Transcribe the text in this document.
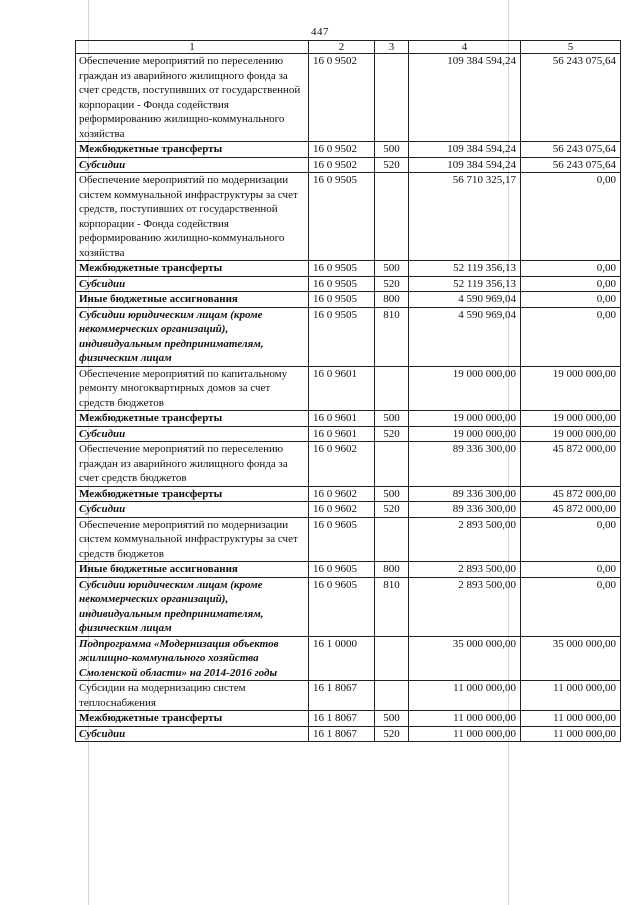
447
1	2	3	4	5
Обеспечение мероприятий по переселению граждан из аварийного жилищного фонда за счет средств, поступивших от государственной корпорации - Фонда содействия реформированию жилищно-коммунального хозяйства	16 0 9502		109 384 594,24	56 243 075,64
Межбюджетные трансферты	16 0 9502	500	109 384 594,24	56 243 075,64
Субсидии	16 0 9502	520	109 384 594,24	56 243 075,64
Обеспечение мероприятий по модернизации систем коммунальной инфраструктуры за счет средств, поступивших от государственной корпорации - Фонда содействия реформированию жилищно-коммунального хозяйства	16 0 9505		56 710 325,17	0,00
Межбюджетные трансферты	16 0 9505	500	52 119 356,13	0,00
Субсидии	16 0 9505	520	52 119 356,13	0,00
Иные бюджетные ассигнования	16 0 9505	800	4 590 969,04	0,00
Субсидии юридическим лицам (кроме некоммерческих организаций), индивидуальным предпринимателям, физическим лицам	16 0 9505	810	4 590 969,04	0,00
Обеспечение мероприятий по капитальному ремонту многоквартирных домов за счет средств бюджетов	16 0 9601		19 000 000,00	19 000 000,00
Межбюджетные трансферты	16 0 9601	500	19 000 000,00	19 000 000,00
Субсидии	16 0 9601	520	19 000 000,00	19 000 000,00
Обеспечение мероприятий по переселению граждан из аварийного жилищного фонда за счет средств бюджетов	16 0 9602		89 336 300,00	45 872 000,00
Межбюджетные трансферты	16 0 9602	500	89 336 300,00	45 872 000,00
Субсидии	16 0 9602	520	89 336 300,00	45 872 000,00
Обеспечение мероприятий по модернизации систем коммунальной инфраструктуры за счет средств бюджетов	16 0 9605		2 893 500,00	0,00
Иные бюджетные ассигнования	16 0 9605	800	2 893 500,00	0,00
Субсидии юридическим лицам (кроме некоммерческих организаций), индивидуальным предпринимателям, физическим лицам	16 0 9605	810	2 893 500,00	0,00
Подпрограмма «Модернизация объектов жилищно-коммунального хозяйства Смоленской области» на 2014-2016 годы	16 1 0000		35 000 000,00	35 000 000,00
Субсидии на модернизацию систем теплоснабжения	16 1 8067		11 000 000,00	11 000 000,00
Межбюджетные трансферты	16 1 8067	500	11 000 000,00	11 000 000,00
Субсидии	16 1 8067	520	11 000 000,00	11 000 000,00
